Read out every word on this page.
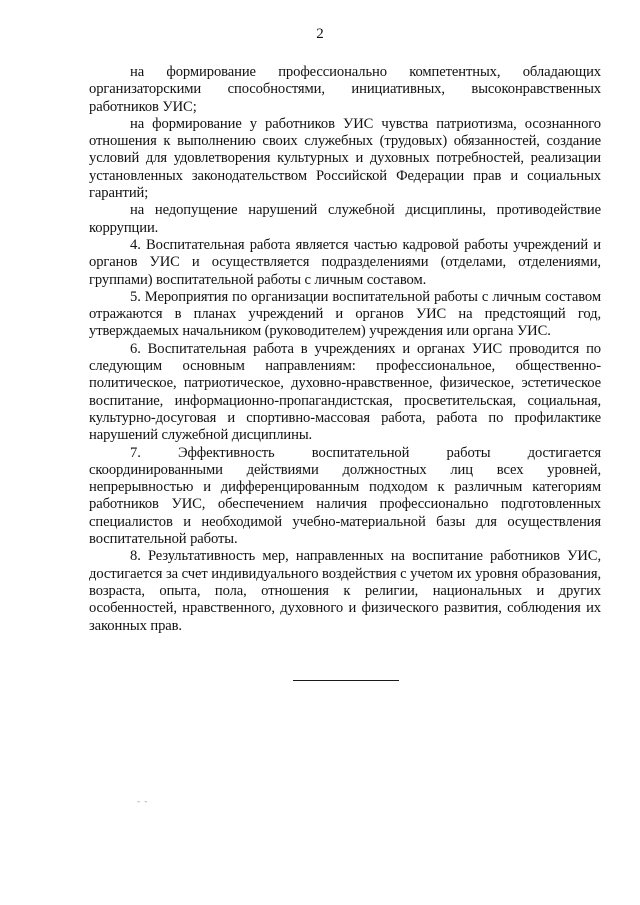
2

на формирование профессионально компетентных, обладающих организаторскими способностями, инициативных, высоконравственных работников УИС;

на формирование у работников УИС чувства патриотизма, осознанного отношения к выполнению своих служебных (трудовых) обязанностей, создание условий для удовлетворения культурных и духовных потребностей, реализации установленных законодательством Российской Федерации прав и социальных гарантий;

на недопущение нарушений служебной дисциплины, противодействие коррупции.

4. Воспитательная работа является частью кадровой работы учреждений и органов УИС и осуществляется подразделениями (отделами, отделениями, группами) воспитательной работы с личным составом.

5. Мероприятия по организации воспитательной работы с личным составом отражаются в планах учреждений и органов УИС на предстоящий год, утверждаемых начальником (руководителем) учреждения или органа УИС.

6. Воспитательная работа в учреждениях и органах УИС проводится по следующим основным направлениям: профессиональное, общественно-политическое, патриотическое, духовно-нравственное, физическое, эстетическое воспитание, информационно-пропагандистская, просветительская, социальная, культурно-досуговая и спортивно-массовая работа, работа по профилактике нарушений служебной дисциплины.

7. Эффективность воспитательной работы достигается скоординированными действиями должностных лиц всех уровней, непрерывностью и дифференцированным подходом к различным категориям работников УИС, обеспечением наличия профессионально подготовленных специалистов и необходимой учебно-материальной базы для осуществления воспитательной работы.

8. Результативность мер, направленных на воспитание работников УИС, достигается за счет индивидуального воздействия с учетом их уровня образования, возраста, опыта, пола, отношения к религии, национальных и других особенностей, нравственного, духовного и физического развития, соблюдения их законных прав.

- -
